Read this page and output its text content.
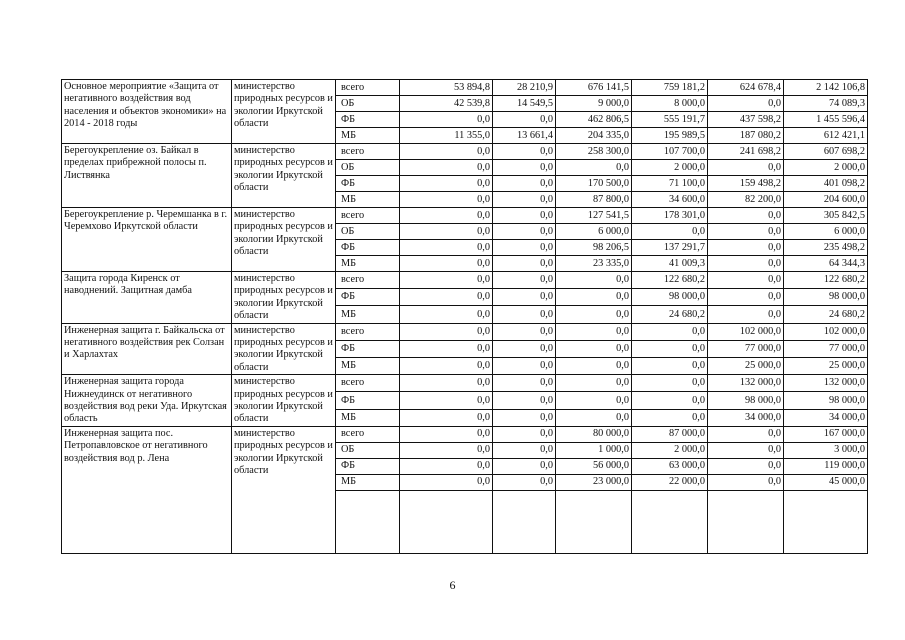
Основное мероприятие «Защита от негативного воздействия вод населения и объектов экономики» на 2014 - 2018 годы	министерство природных ресурсов и экологии Иркутской области	всего	53 894,8	28 210,9	676 141,5	759 181,2	624 678,4	2 142 106,8
		ОБ	42 539,8	14 549,5	9 000,0	8 000,0	0,0	74 089,3
		ФБ	0,0	0,0	462 806,5	555 191,7	437 598,2	1 455 596,4
		МБ	11 355,0	13 661,4	204 335,0	195 989,5	187 080,2	612 421,1
Берегоукрепление оз. Байкал в пределах прибрежной полосы п. Листвянка	министерство природных ресурсов и экологии Иркутской области	всего	0,0	0,0	258 300,0	107 700,0	241 698,2	607 698,2
		ОБ	0,0	0,0	0,0	2 000,0	0,0	2 000,0
		ФБ	0,0	0,0	170 500,0	71 100,0	159 498,2	401 098,2
		МБ	0,0	0,0	87 800,0	34 600,0	82 200,0	204 600,0
Берегоукрепление р. Черемшанка в г. Черемхово Иркутской области	министерство природных ресурсов и экологии Иркутской области	всего	0,0	0,0	127 541,5	178 301,0	0,0	305 842,5
		ОБ	0,0	0,0	6 000,0	0,0	0,0	6 000,0
		ФБ	0,0	0,0	98 206,5	137 291,7	0,0	235 498,2
		МБ	0,0	0,0	23 335,0	41 009,3	0,0	64 344,3
Защита города Киренск от наводнений. Защитная дамба	министерство природных ресурсов и экологии Иркутской области	всего	0,0	0,0	0,0	122 680,2	0,0	122 680,2
		ФБ	0,0	0,0	0,0	98 000,0	0,0	98 000,0
		МБ	0,0	0,0	0,0	24 680,2	0,0	24 680,2
Инженерная защита г. Байкальска от негативного воздействия рек Солзан и Харлахтах	министерство природных ресурсов и экологии Иркутской области	всего	0,0	0,0	0,0	0,0	102 000,0	102 000,0
		ФБ	0,0	0,0	0,0	0,0	77 000,0	77 000,0
		МБ	0,0	0,0	0,0	0,0	25 000,0	25 000,0
Инженерная защита города Нижнеудинск от негативного воздействия вод реки Уда. Иркутская область	министерство природных ресурсов и экологии Иркутской области	всего	0,0	0,0	0,0	0,0	132 000,0	132 000,0
		ФБ	0,0	0,0	0,0	0,0	98 000,0	98 000,0
		МБ	0,0	0,0	0,0	0,0	34 000,0	34 000,0
Инженерная защита пос. Петропавловское от негативного воздействия вод р. Лена	министерство природных ресурсов и экологии Иркутской области	всего	0,0	0,0	80 000,0	87 000,0	0,0	167 000,0
		ОБ	0,0	0,0	1 000,0	2 000,0	0,0	3 000,0
		ФБ	0,0	0,0	56 000,0	63 000,0	0,0	119 000,0
		МБ	0,0	0,0	23 000,0	22 000,0	0,0	45 000,0

6
